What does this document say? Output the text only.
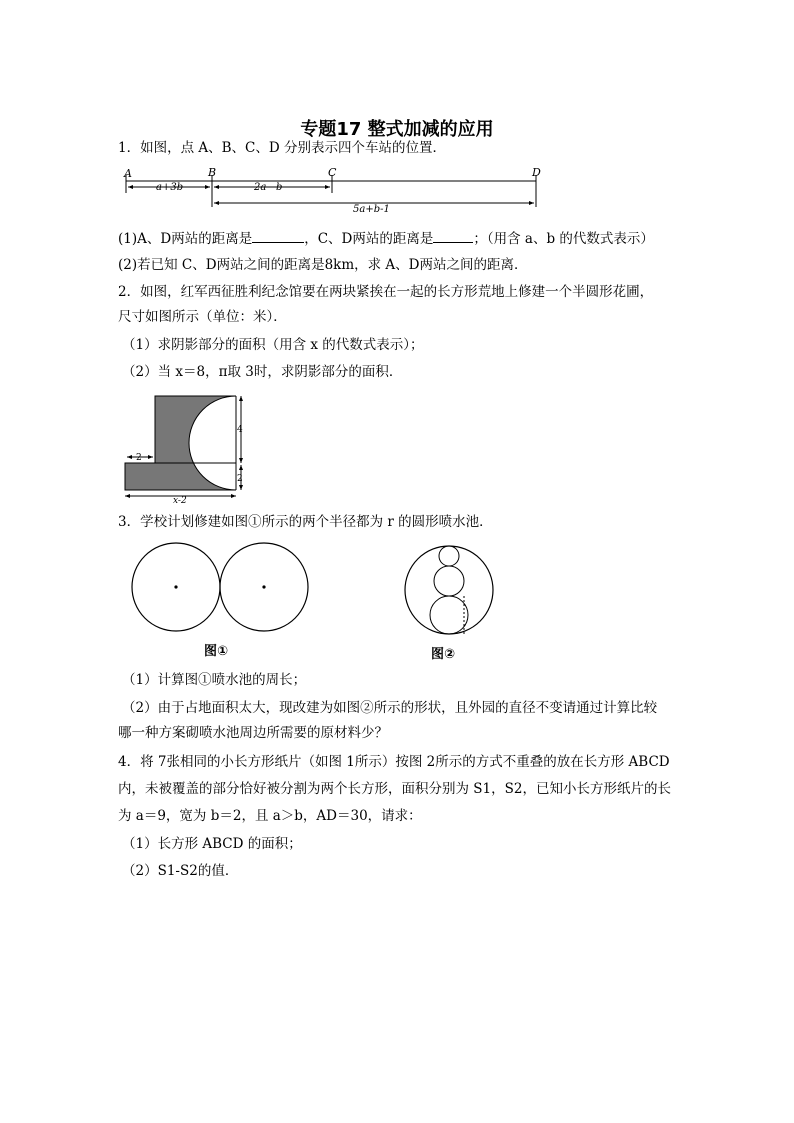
专题17 整式加减的应用
1．如图，点 A、B、C、D 分别表示四个车站的位置．
A	B	C	D
a+3b	2a - b
5a+b-1
(1)A、D两站的距离是	，C、D两站的距离是	；（用含 a、b 的代数式表示）
(2)若已知 C、D两站之间的距离是8km，求 A、D两站之间的距离．
2．如图，红军西征胜利纪念馆要在两块紧挨在一起的长方形荒地上修建一个半圆形花圃，
尺寸如图所示（单位：米）．
（1）求阴影部分的面积（用含 x 的代数式表示）；
（2）当 x＝8，π取 3时，求阴影部分的面积．
4
2
2
x-2
3．学校计划修建如图①所示的两个半径都为 r 的圆形喷水池．
图①	图②
（1）计算图①喷水池的周长；
（2）由于占地面积太大，现改建为如图②所示的形状，且外园的直径不变请通过计算比较
哪一种方案砌喷水池周边所需要的原材料少？
4．将 7张相同的小长方形纸片（如图 1所示）按图 2所示的方式不重叠的放在长方形 ABCD
内，未被覆盖的部分恰好被分割为两个长方形，面积分别为 S1，S2，已知小长方形纸片的长
为 a＝9，宽为 b＝2，且 a＞b，AD＝30，请求：
（1）长方形 ABCD 的面积；
（2）S1-S2的值．
